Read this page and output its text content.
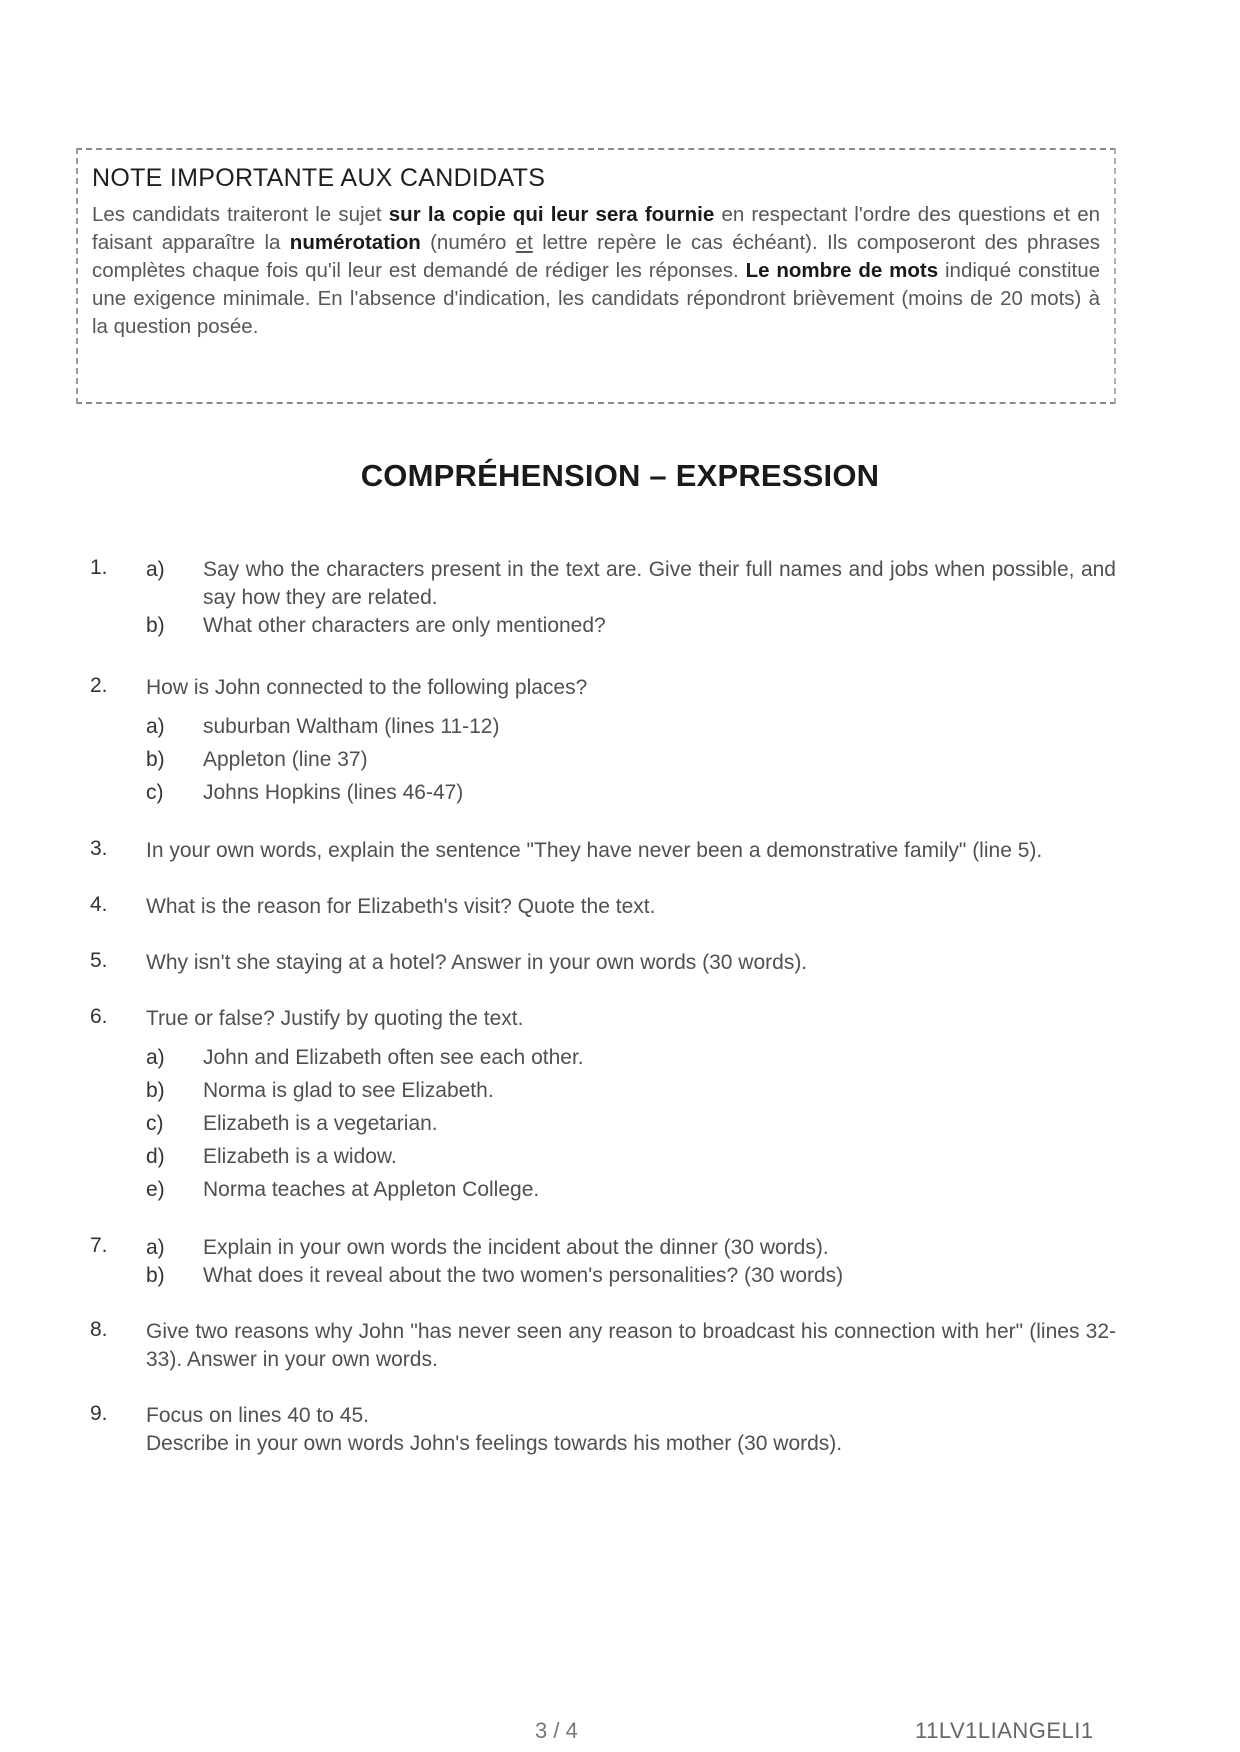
NOTE IMPORTANTE AUX CANDIDATS

Les candidats traiteront le sujet sur la copie qui leur sera fournie en respectant l'ordre des questions et en faisant apparaître la numérotation (numéro et lettre repère le cas échéant). Ils composeront des phrases complètes chaque fois qu'il leur est demandé de rédiger les réponses. Le nombre de mots indiqué constitue une exigence minimale. En l'absence d'indication, les candidats répondront brièvement (moins de 20 mots) à la question posée.

COMPRÉHENSION – EXPRESSION
1. a) Say who the characters present in the text are. Give their full names and jobs when possible, and say how they are related.
b) What other characters are only mentioned?
2. How is John connected to the following places?
a) suburban Waltham (lines 11-12)
b) Appleton (line 37)
c) Johns Hopkins (lines 46-47)
3. In your own words, explain the sentence "They have never been a demonstrative family" (line 5).
4. What is the reason for Elizabeth's visit? Quote the text.
5. Why isn't she staying at a hotel? Answer in your own words (30 words).
6. True or false? Justify by quoting the text.
a) John and Elizabeth often see each other.
b) Norma is glad to see Elizabeth.
c) Elizabeth is a vegetarian.
d) Elizabeth is a widow.
e) Norma teaches at Appleton College.
7. a) Explain in your own words the incident about the dinner (30 words).
b) What does it reveal about the two women's personalities? (30 words)
8. Give two reasons why John "has never seen any reason to broadcast his connection with her" (lines 32-33). Answer in your own words.
9. Focus on lines 40 to 45.
Describe in your own words John's feelings towards his mother (30 words).
3 / 4	11LV1LIANGELI1
